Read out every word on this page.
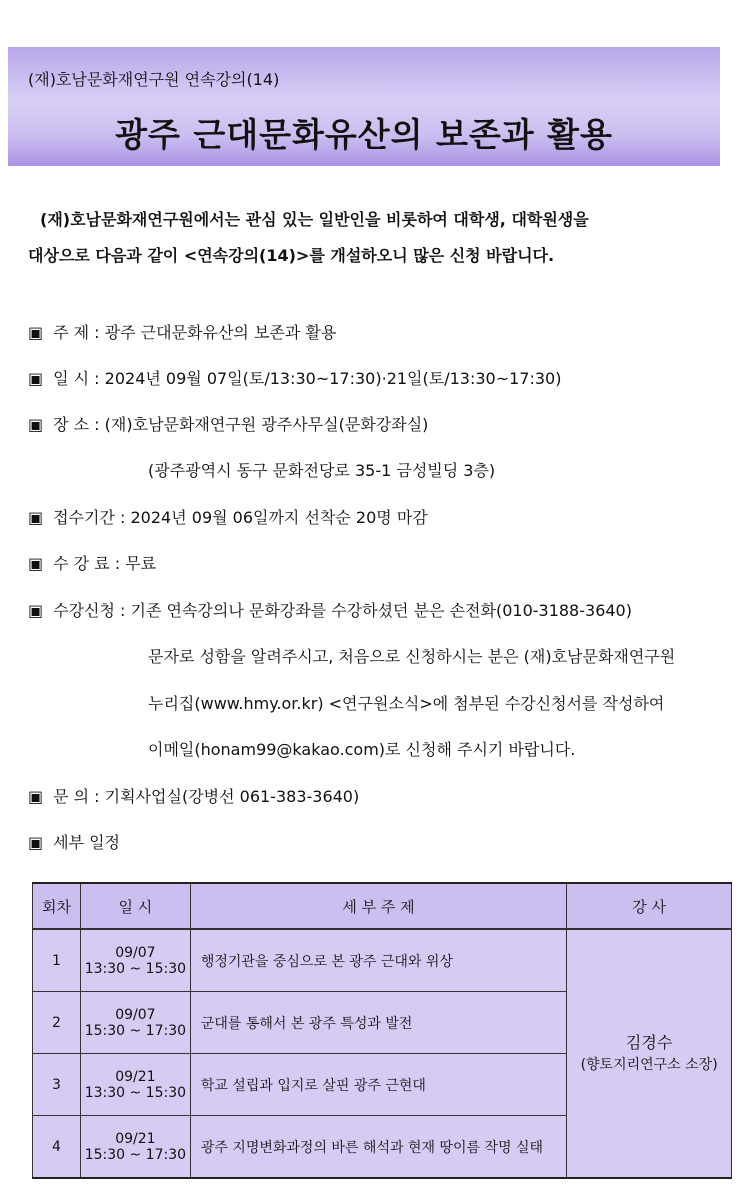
(재)호남문화재연구원 연속강의(14)
광주 근대문화유산의 보존과 활용

(재)호남문화재연구원에서는 관심 있는 일반인을 비롯하여 대학생, 대학원생을

대상으로 다음과 같이 <연속강의(14)>를 개설하오니 많은 신청 바랍니다.

▣ 주 제 : 광주 근대문화유산의 보존과 활용
▣ 일 시 : 2024년 09월 07일(토/13:30~17:30)·21일(토/13:30~17:30)
▣ 장 소 : (재)호남문화재연구원 광주사무실(문화강좌실)
(광주광역시 동구 문화전당로 35-1 금성빌딩 3층)
▣ 접수기간 : 2024년 09월 06일까지 선착순 20명 마감
▣ 수 강 료 : 무료
▣ 수강신청 : 기존 연속강의나 문화강좌를 수강하셨던 분은 손전화(010-3188-3640)
문자로 성함을 알려주시고, 처음으로 신청하시는 분은 (재)호남문화재연구원
누리집(www.hmy.or.kr) <연구원소식>에 첨부된 수강신청서를 작성하여
이메일(honam99@kakao.com)로 신청해 주시기 바랍니다.
▣ 문 의 : 기획사업실(강병선 061-383-3640)
▣ 세부 일정
회차	일 시	세 부 주 제	강 사
1	09/07
13:30 ~ 15:30	행정기관을 중심으로 본 광주 근대와 위상	김경수
(향토지리연구소 소장)
2	09/07
15:30 ~ 17:30	군대를 통해서 본 광주 특성과 발전	
3	09/21
13:30 ~ 15:30	학교 설립과 입지로 살핀 광주 근현대	
4	09/21
15:30 ~ 17:30	광주 지명변화과정의 바른 해석과 현재 땅이름 작명 실태	
